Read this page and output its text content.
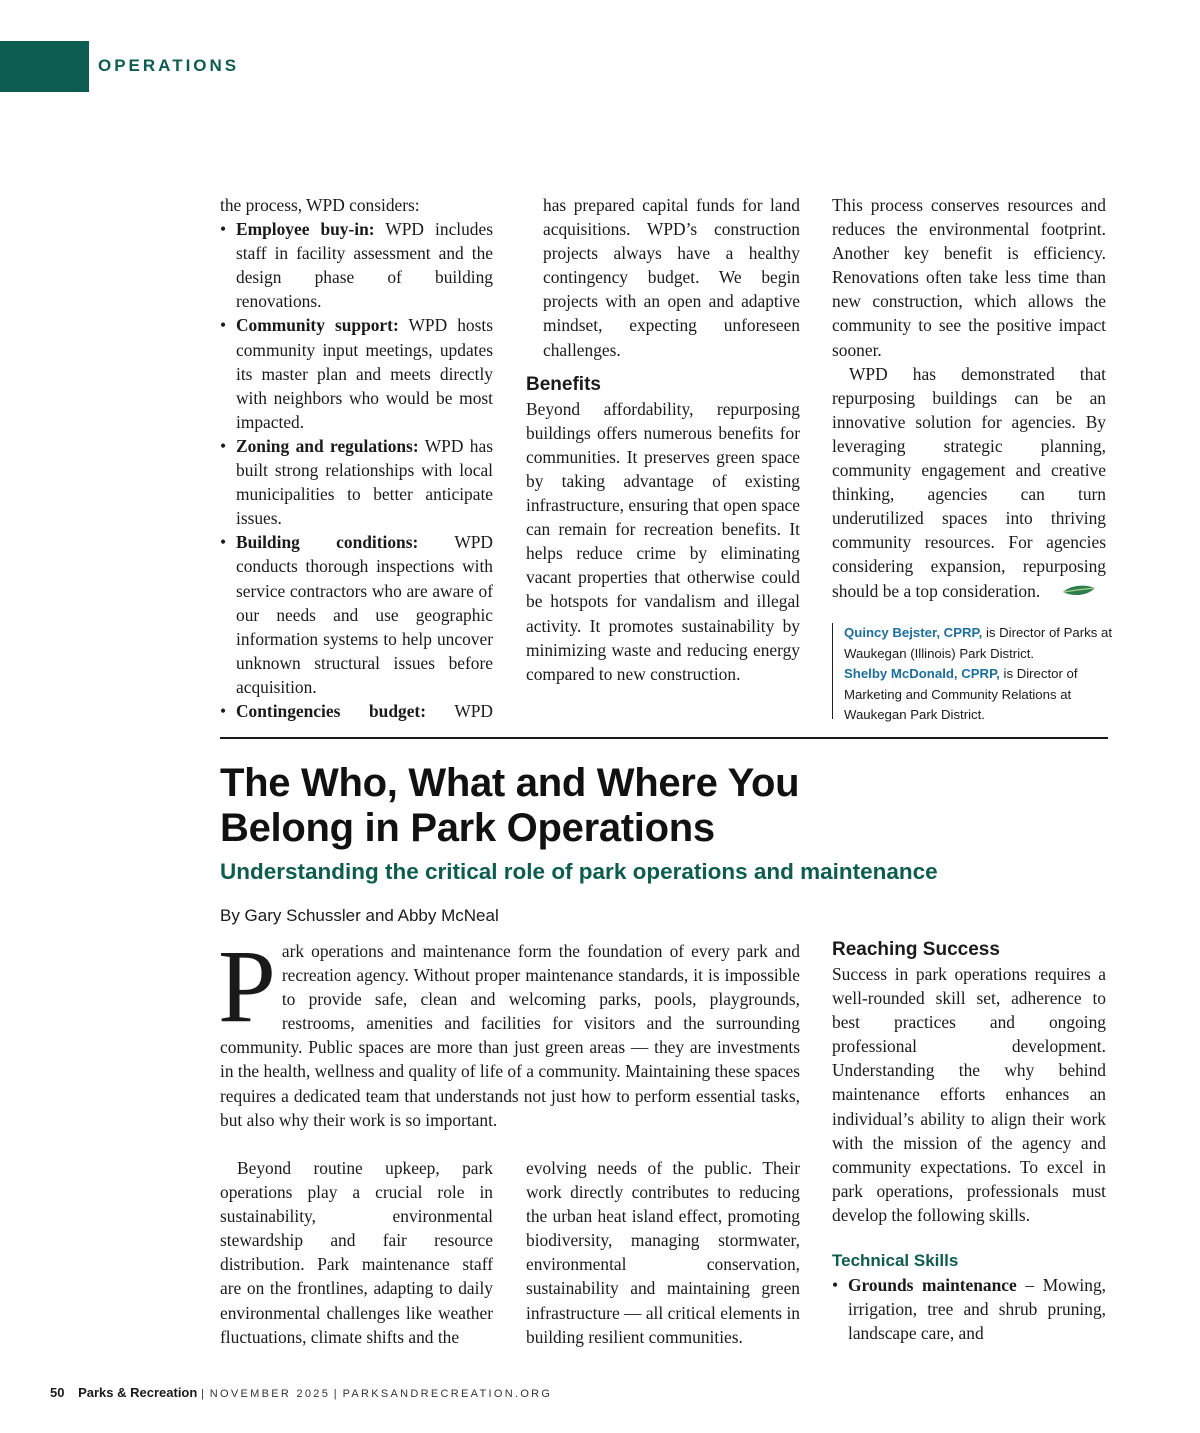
OPERATIONS

the process, WPD considers:

• Employee buy-in: WPD includes staff in facility assessment and the design phase of building renovations.
• Community support: WPD hosts community input meetings, updates its master plan and meets directly with neighbors who would be most impacted.
• Zoning and regulations: WPD has built strong relationships with local municipalities to better anticipate issues.
• Building conditions: WPD conducts thorough inspections with service contractors who are aware of our needs and use geographic information systems to help uncover unknown structural issues before acquisition.
• Contingencies budget: WPD

has prepared capital funds for land acquisitions. WPD’s construction projects always have a healthy contingency budget. We begin projects with an open and adaptive mindset, expecting unforeseen challenges.

Benefits

Beyond affordability, repurposing buildings offers numerous benefits for communities. It preserves green space by taking advantage of existing infrastructure, ensuring that open space can remain for recreation benefits. It helps reduce crime by eliminating vacant properties that otherwise could be hotspots for vandalism and illegal activity. It promotes sustainability by minimizing waste and reducing energy compared to new construction.

This process conserves resources and reduces the environmental footprint. Another key benefit is efficiency. Renovations often take less time than new construction, which allows the community to see the positive impact sooner.

WPD has demonstrated that repurposing buildings can be an innovative solution for agencies. By leveraging strategic planning, community engagement and creative thinking, agencies can turn underutilized spaces into thriving community resources. For agencies considering expansion, repurposing should be a top consideration.

Quincy Bejster, CPRP, is Director of Parks at Waukegan (Illinois) Park District.
Shelby McDonald, CPRP, is Director of Marketing and Community Relations at Waukegan Park District.
The Who, What and Where You
Belong in Park Operations
Understanding the critical role of park operations and maintenance
By Gary Schussler and Abby McNeal
P ark operations and maintenance form the foundation of every park and recreation agency. Without proper maintenance standards, it is impossible to provide safe, clean and welcoming parks, pools, playgrounds, restrooms, amenities and facilities for visitors and the surrounding community. Public spaces are more than just green areas — they are investments in the health, wellness and quality of life of a community. Maintaining these spaces requires a dedicated team that understands not just how to perform essential tasks, but also why their work is so important.

Beyond routine upkeep, park operations play a crucial role in sustainability, environmental stewardship and fair resource distribution. Park maintenance staff are on the frontlines, adapting to daily environmental challenges like weather fluctuations, climate shifts and the

evolving needs of the public. Their work directly contributes to reducing the urban heat island effect, promoting biodiversity, managing stormwater, environmental conservation, sustainability and maintaining green infrastructure — all critical elements in building resilient communities.

Reaching Success

Success in park operations requires a well-rounded skill set, adherence to best practices and ongoing professional development. Understanding the why behind maintenance efforts enhances an individual’s ability to align their work with the mission of the agency and community expectations. To excel in park operations, professionals must develop the following skills.

Technical Skills
• Grounds maintenance – Mowing, irrigation, tree and shrub pruning, landscape care, and
50 Parks & Recreation | NOVEMBER 2025 | PARKSANDRECREATION.ORG
